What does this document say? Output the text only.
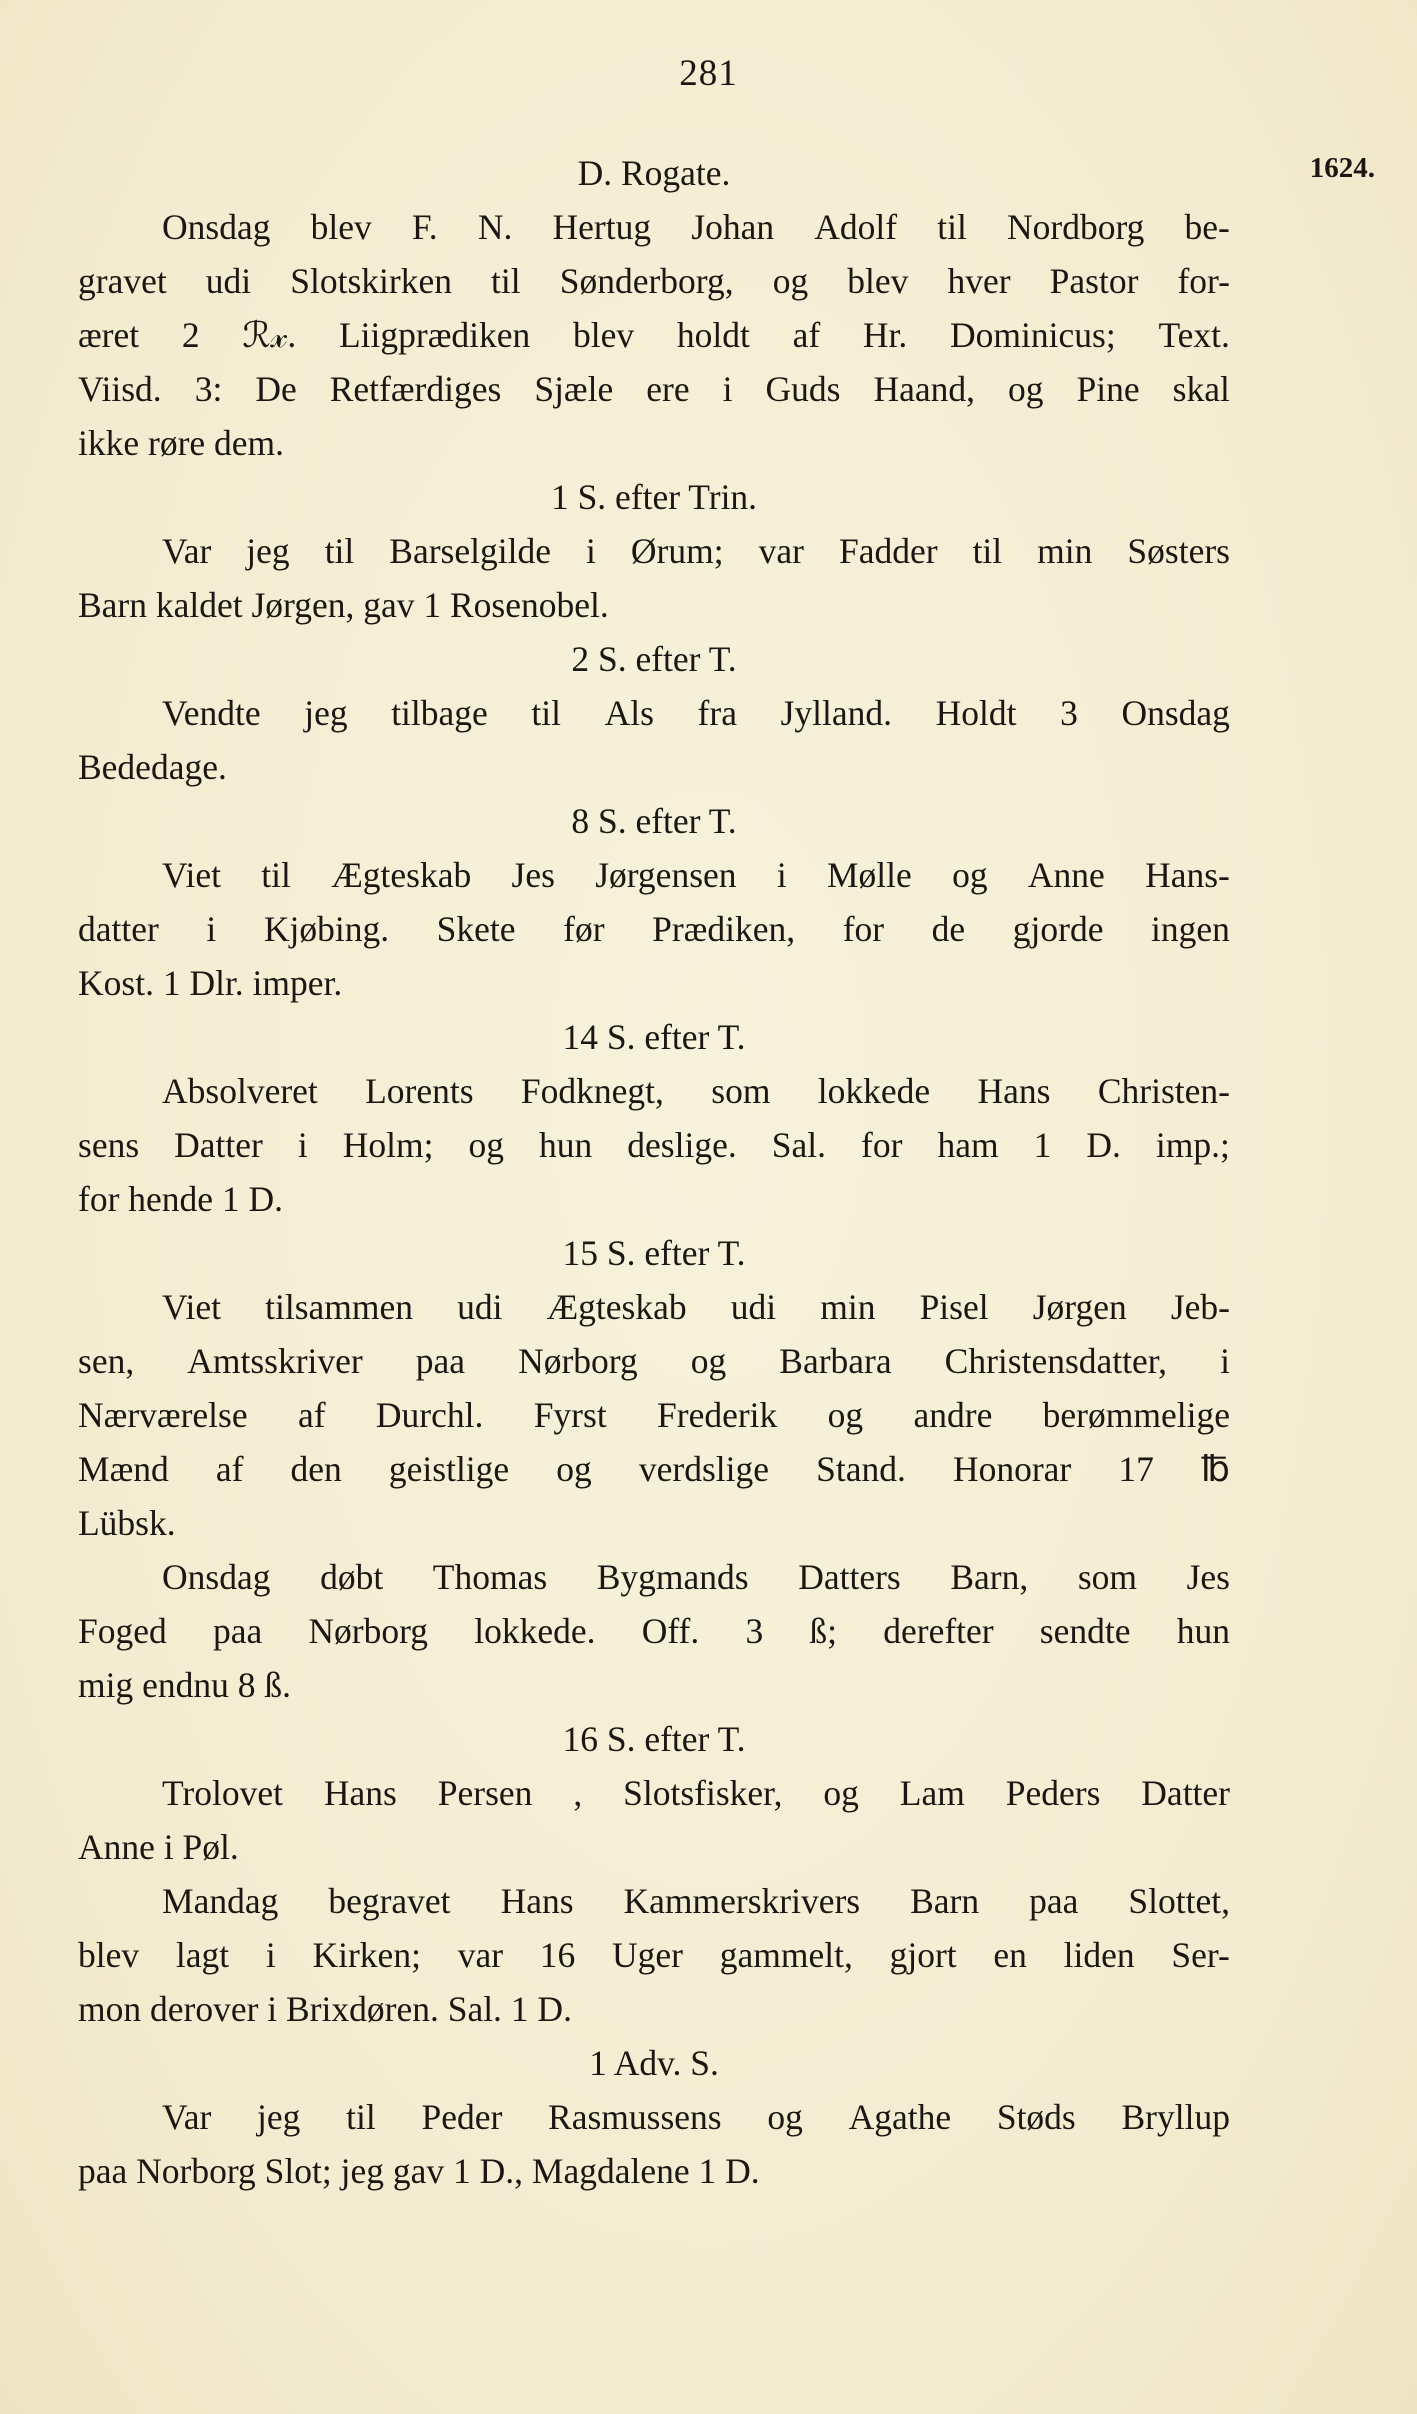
281
1624.
D. Rogate.
Onsdag blev F. N. Hertug Johan Adolf til Nordborg be-
gravet udi Slotskirken til Sønderborg, og blev hver Pastor for-
æret 2 ℛ𝓍. Liigprædiken blev holdt af Hr. Dominicus; Text.
Viisd. 3: De Retfærdiges Sjæle ere i Guds Haand, og Pine skal
ikke røre dem.
1 S. efter Trin.
Var jeg til Barselgilde i Ørum; var Fadder til min Søsters
Barn kaldet Jørgen, gav 1 Rosenobel.
2 S. efter T.
Vendte jeg tilbage til Als fra Jylland. Holdt 3 Onsdag
Bededage.
8 S. efter T.
Viet til Ægteskab Jes Jørgensen i Mølle og Anne Hans-
datter i Kjøbing. Skete før Prædiken, for de gjorde ingen
Kost. 1 Dlr. imper.
14 S. efter T.
Absolveret Lorents Fodknegt, som lokkede Hans Christen-
sens Datter i Holm; og hun deslige. Sal. for ham 1 D. imp.;
for hende 1 D.
15 S. efter T.
Viet tilsammen udi Ægteskab udi min Pisel Jørgen Jeb-
sen, Amtsskriver paa Nørborg og Barbara Christensdatter, i
Nærværelse af Durchl. Fyrst Frederik og andre berømmelige
Mænd af den geistlige og verdslige Stand. Honorar 17 ℔
Lübsk.
Onsdag døbt Thomas Bygmands Datters Barn, som Jes
Foged paa Nørborg lokkede. Off. 3 ß; derefter sendte hun
mig endnu 8 ß.
16 S. efter T.
Trolovet Hans Persen , Slotsfisker, og Lam Peders Datter
Anne i Pøl.
Mandag begravet Hans Kammerskrivers Barn paa Slottet,
blev lagt i Kirken; var 16 Uger gammelt, gjort en liden Ser-
mon derover i Brixdøren. Sal. 1 D.
1 Adv. S.
Var jeg til Peder Rasmussens og Agathe Støds Bryllup
paa Norborg Slot; jeg gav 1 D., Magdalene 1 D.
